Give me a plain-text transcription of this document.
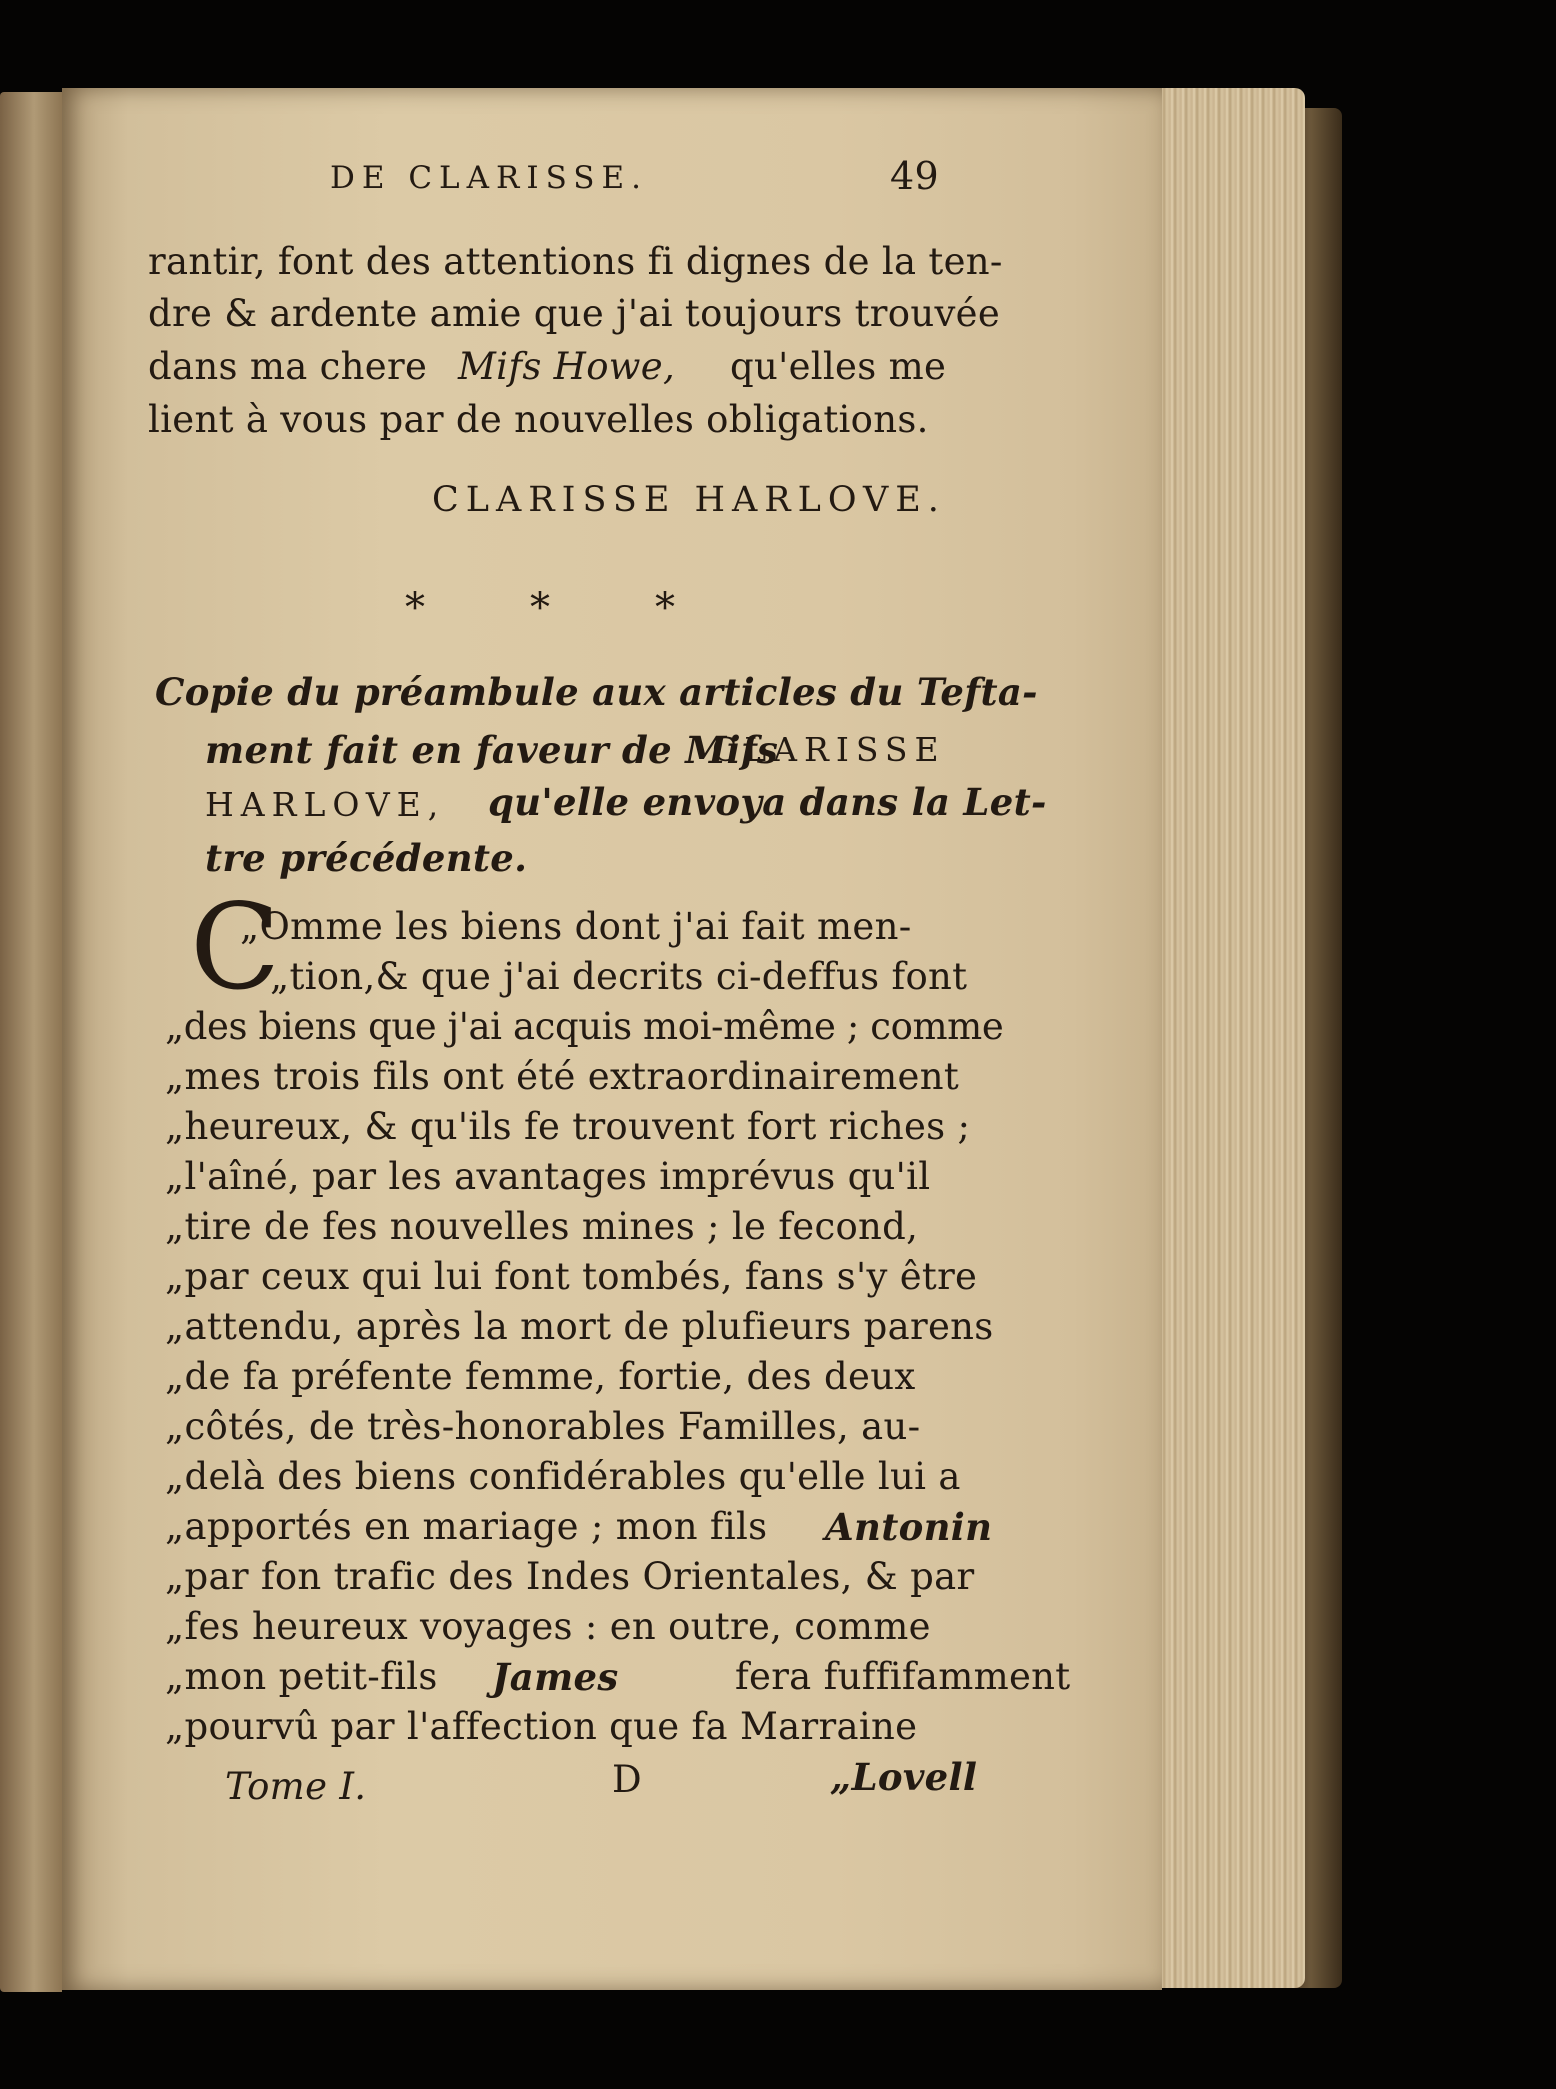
DE CLARISSE.	49
rantir, font des attentions fi dignes de la ten-
dre & ardente amie que j'ai toujours trouvée
dans ma chere Mifs Howe, qu'elles me
lient à vous par de nouvelles obligations.
CLARISSE HARLOVE.
*	*	*
Copie du préambule aux articles du Tefta-
ment fait en faveur de Mifs
CLARISSE
HARLOVE, qu'elle envoya dans la Let-
tre précédente.
C
„Omme les biens dont j'ai fait men-
„tion,& que j'ai decrits ci-deffus font
„des biens que j'ai acquis moi-même ; comme
„mes trois fils ont été extraordinairement
„heureux, & qu'ils fe trouvent fort riches ;
„l'aîné, par les avantages imprévus qu'il
„tire de fes nouvelles mines ; le fecond,
„par ceux qui lui font tombés, fans s'y être
„attendu, après la mort de plufieurs parens
„de fa préfente femme, fortie, des deux
„côtés, de très-honorables Familles, au-
„delà des biens confidérables qu'elle lui a
„apportés en mariage ; mon fils Antonin
„par fon trafic des Indes Orientales, & par
„fes heureux voyages : en outre, comme
„mon petit-fils James	fera fuffifamment
„pourvû par l'affection que fa Marraine
Tome I.	D	„Lovell
